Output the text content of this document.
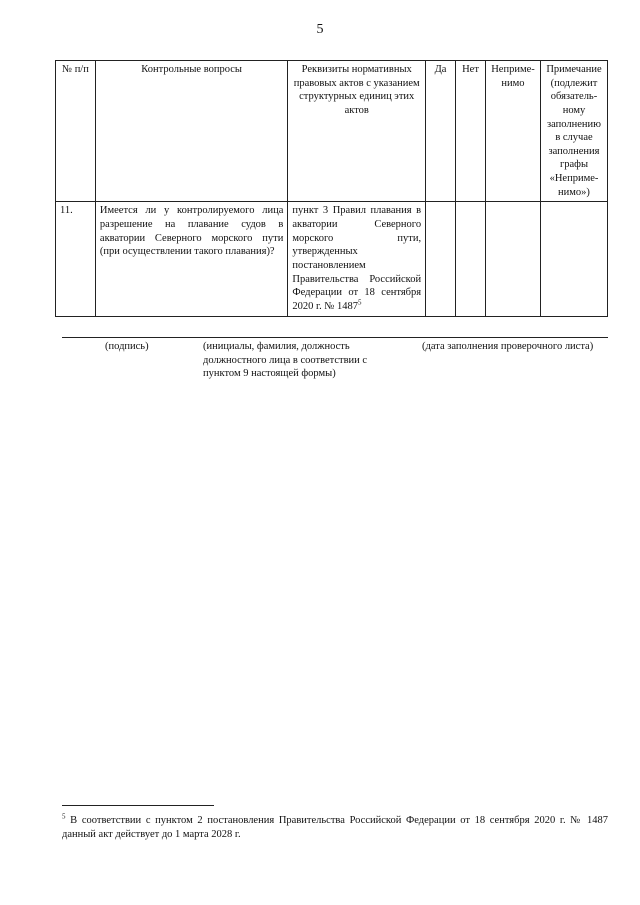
5
№ п/п	Контрольные вопросы	Реквизиты нормативных правовых актов с указанием структурных единиц этих актов	Да	Нет	Неприме-нимо	Примечание (подлежит обязатель-ному заполнению в случае заполнения графы «Неприме-нимо»)
11.	Имеется ли у контролируемого лица разрешение на плавание судов в акватории Северного морского пути (при осуществлении такого плавания)?	пункт 3 Правил плавания в акватории Северного морского пути, утвержденных постановлением Правительства Российской Федерации от 18 сентября 2020 г. № 1487$^5$				
(подпись)	(инициалы, фамилия, должность должностного лица в соответствии с пунктом 9 настоящей формы)
(дата заполнения проверочного листа)
$^5$ В соответствии с пунктом 2 постановления Правительства Российской Федерации от 18 сентября 2020 г. № 1487 данный акт действует до 1 марта 2028 г.
